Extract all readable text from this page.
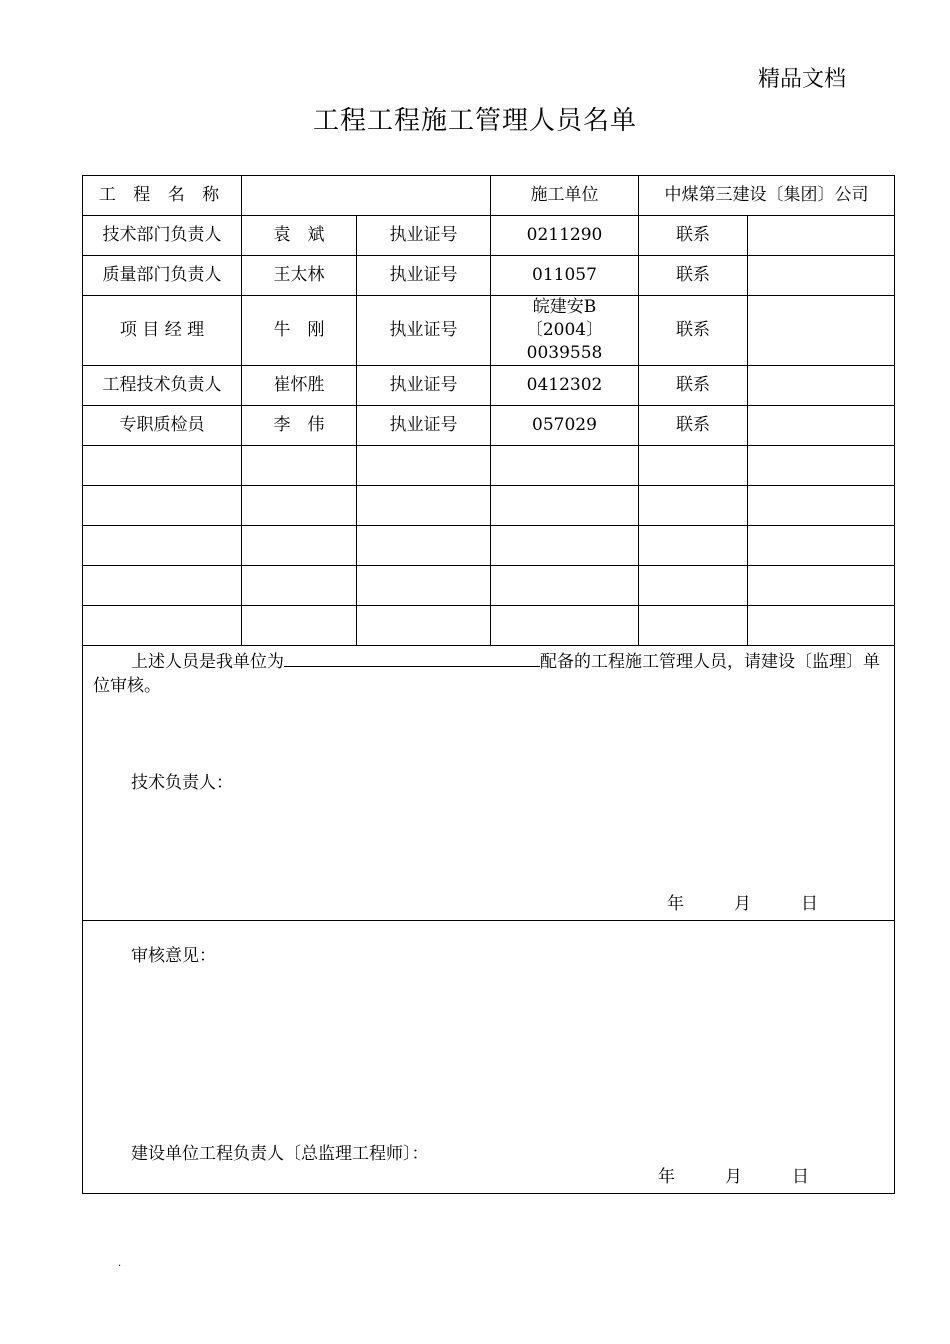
精品文档
工程工程施工管理人员名单
工 程 名 称			施工单位	中煤第三建设〔集团〕公司	
技术部门负责人	袁　斌	执业证号	0211290	联系	
质量部门负责人	王太林	执业证号	011057	联系	
项 目 经 理	牛　刚	执业证号	皖建安B〔2004〕0039558	联系	
工程技术负责人	崔怀胜	执业证号	0412302	联系	
专职质检员	李　伟	执业证号	057029	联系	

上述人员是我单位为 配备的工程施工管理人员，请建设〔监理〕单位审核。
技术负责人：
年 月 日					

审核意见：
建设单位工程负责人〔总监理工程师〕：
年 月 日					
.
